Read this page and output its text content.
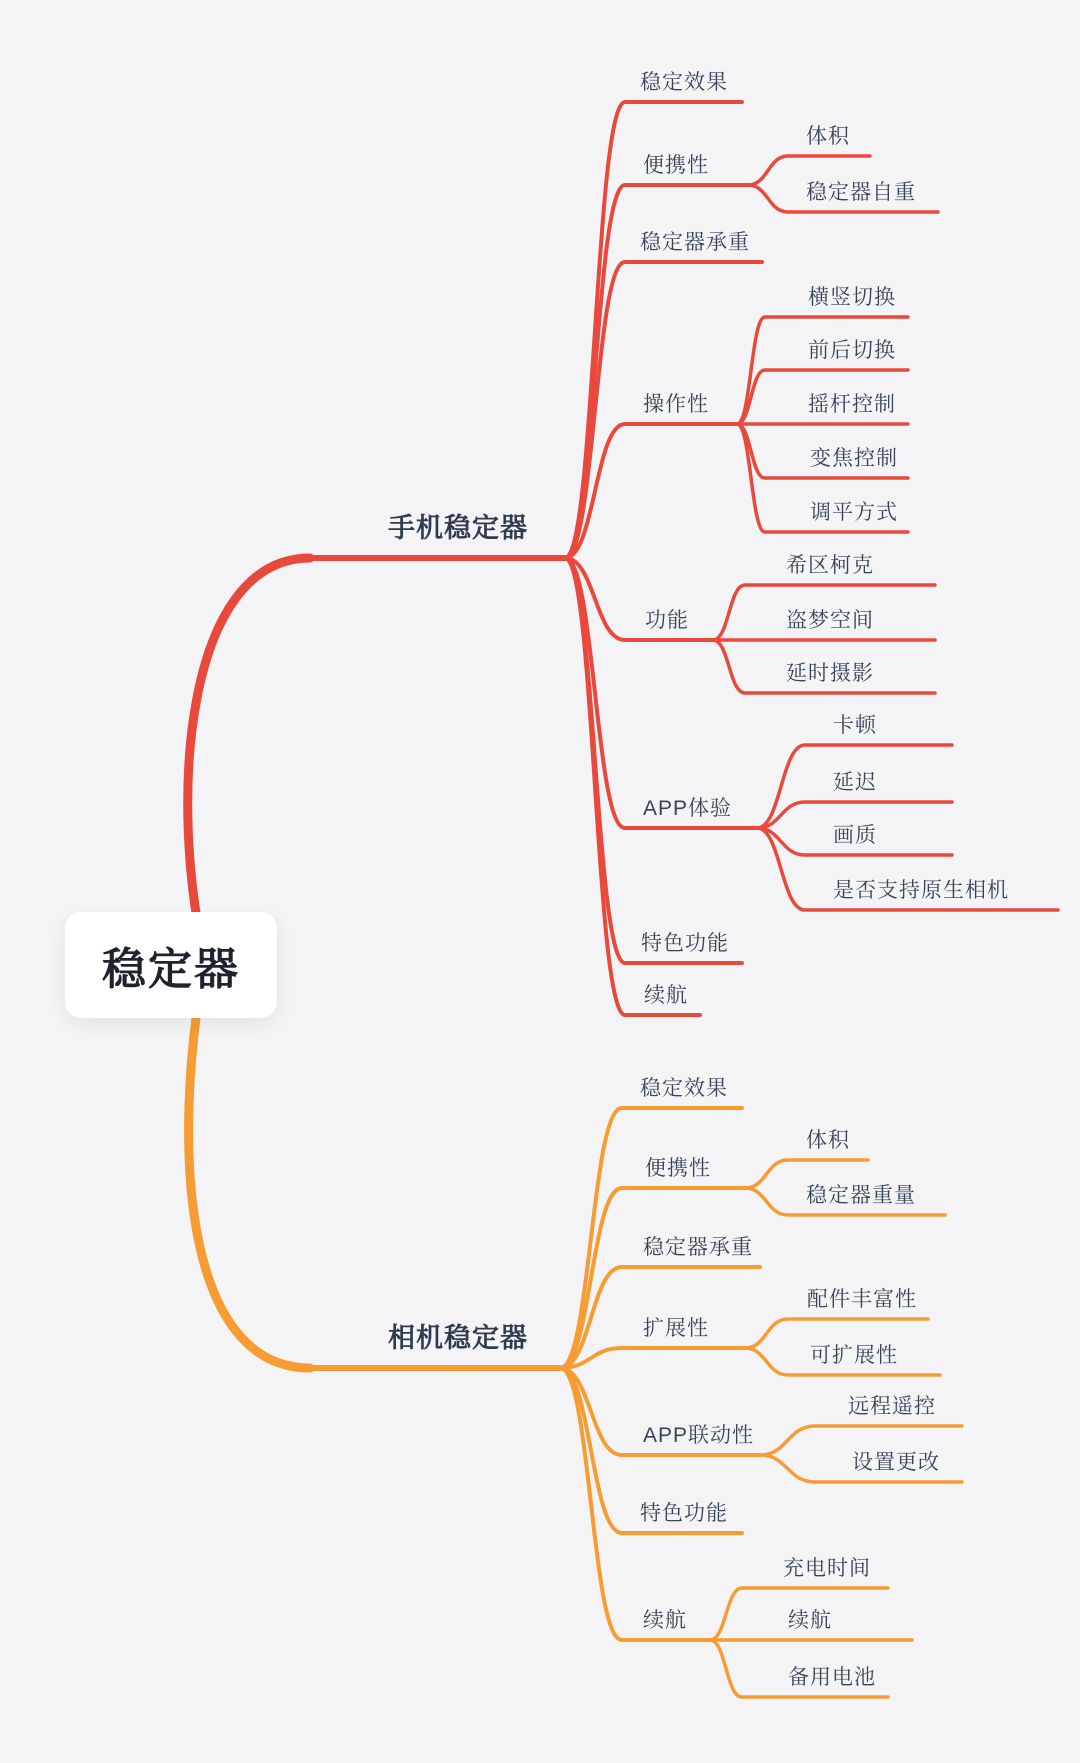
稳定器
手机稳定器
稳定效果
便携性
体积
稳定器自重
稳定器承重
操作性
横竖切换
前后切换
摇杆控制
变焦控制
调平方式
功能
希区柯克
盗梦空间
延时摄影
APP体验
卡顿
延迟
画质
是否支持原生相机
特色功能
续航
相机稳定器
稳定效果
便携性
体积
稳定器重量
稳定器承重
扩展性
配件丰富性
可扩展性
APP联动性
远程遥控
设置更改
特色功能
续航
充电时间
续航
备用电池
